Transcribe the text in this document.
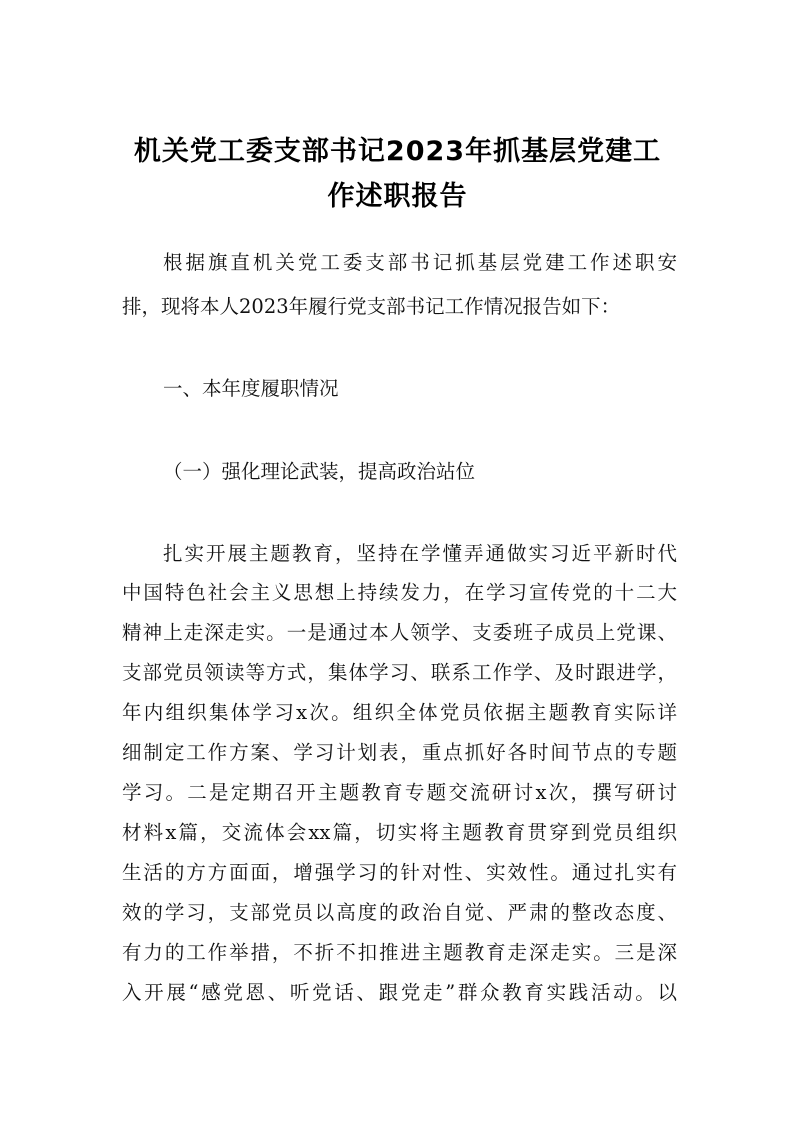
机关党工委支部书记2023年抓基层党建工
作述职报告
根据旗直机关党工委支部书记抓基层党建工作述职安
排，现将本人2023年履行党支部书记工作情况报告如下：
一、本年度履职情况
（一）强化理论武装，提高政治站位
扎实开展主题教育，坚持在学懂弄通做实习近平新时代
中国特色社会主义思想上持续发力，在学习宣传党的十二大
精神上走深走实。一是通过本人领学、支委班子成员上党课、
支部党员领读等方式，集体学习、联系工作学、及时跟进学，
年内组织集体学习x次。组织全体党员依据主题教育实际详
细制定工作方案、学习计划表，重点抓好各时间节点的专题
学习。二是定期召开主题教育专题交流研讨x次，撰写研讨
材料x篇，交流体会xx篇，切实将主题教育贯穿到党员组织
生活的方方面面，增强学习的针对性、实效性。通过扎实有
效的学习，支部党员以高度的政治自觉、严肃的整改态度、
有力的工作举措，不折不扣推进主题教育走深走实。三是深
入开展“感党恩、听党话、跟党走”群众教育实践活动。以
